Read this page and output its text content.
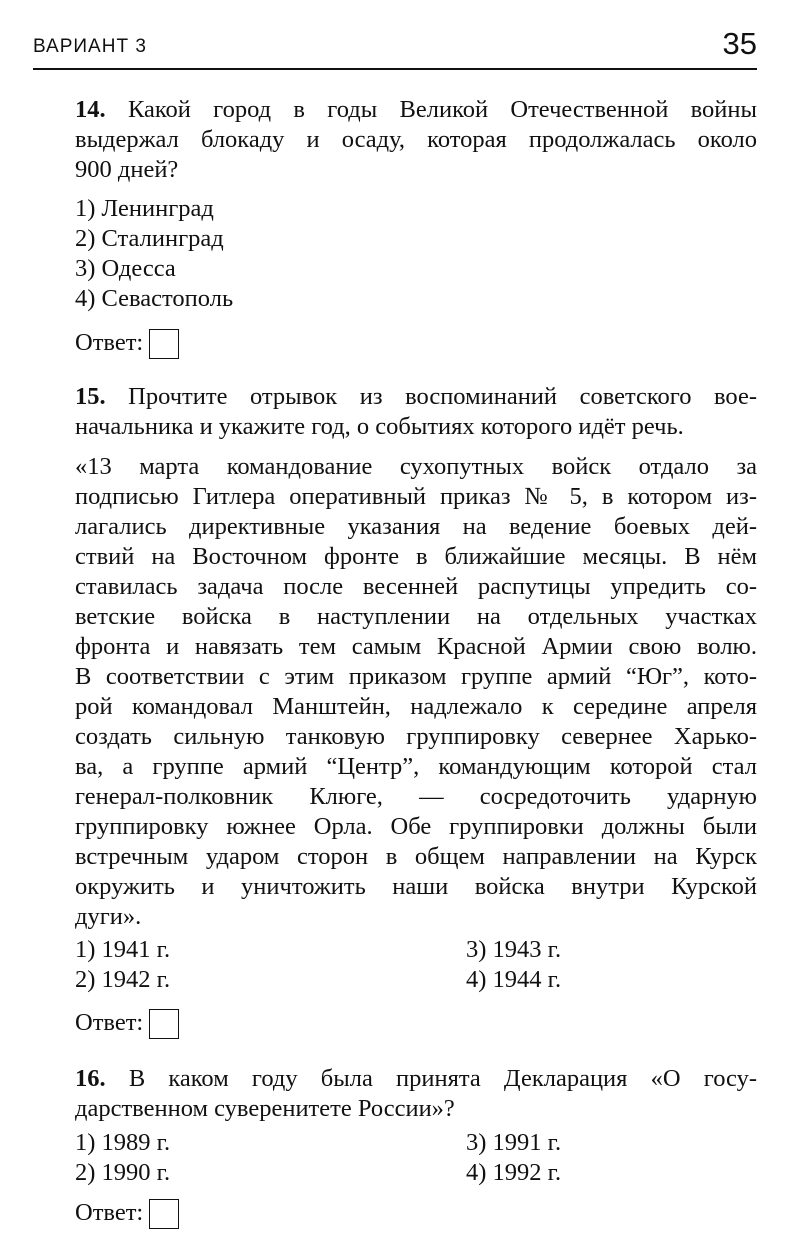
ВАРИАНТ 3	35
14. Какой город в годы Великой Отечественной войны
выдержал блокаду и осаду, которая продолжалась около
900 дней?
1) Ленинград
2) Сталинград
3) Одесса
4) Севастополь
Ответ:
15. Прочтите отрывок из воспоминаний советского вое-
начальника и укажите год, о событиях которого идёт речь.
«13 марта командование сухопутных войск отдало за
подписью Гитлера оперативный приказ № 5, в котором из-
лагались директивные указания на ведение боевых дей-
ствий на Восточном фронте в ближайшие месяцы. В нём
ставилась задача после весенней распутицы упредить со-
ветские войска в наступлении на отдельных участках
фронта и навязать тем самым Красной Армии свою волю.
В соответствии с этим приказом группе армий “Юг”, кото-
рой командовал Манштейн, надлежало к середине апреля
создать сильную танковую группировку севернее Харько-
ва, а группе армий “Центр”, командующим которой стал
генерал-полковник Клюге, — сосредоточить ударную
группировку южнее Орла. Обе группировки должны были
встречным ударом сторон в общем направлении на Курск
окружить и уничтожить наши войска внутри Курской
дуги».
1) 1941 г.
2) 1942 г.
3) 1943 г.
4) 1944 г.
Ответ:
16. В каком году была принята Декларация «О госу-
дарственном суверенитете России»?
1) 1989 г.
2) 1990 г.
3) 1991 г.
4) 1992 г.
Ответ:
